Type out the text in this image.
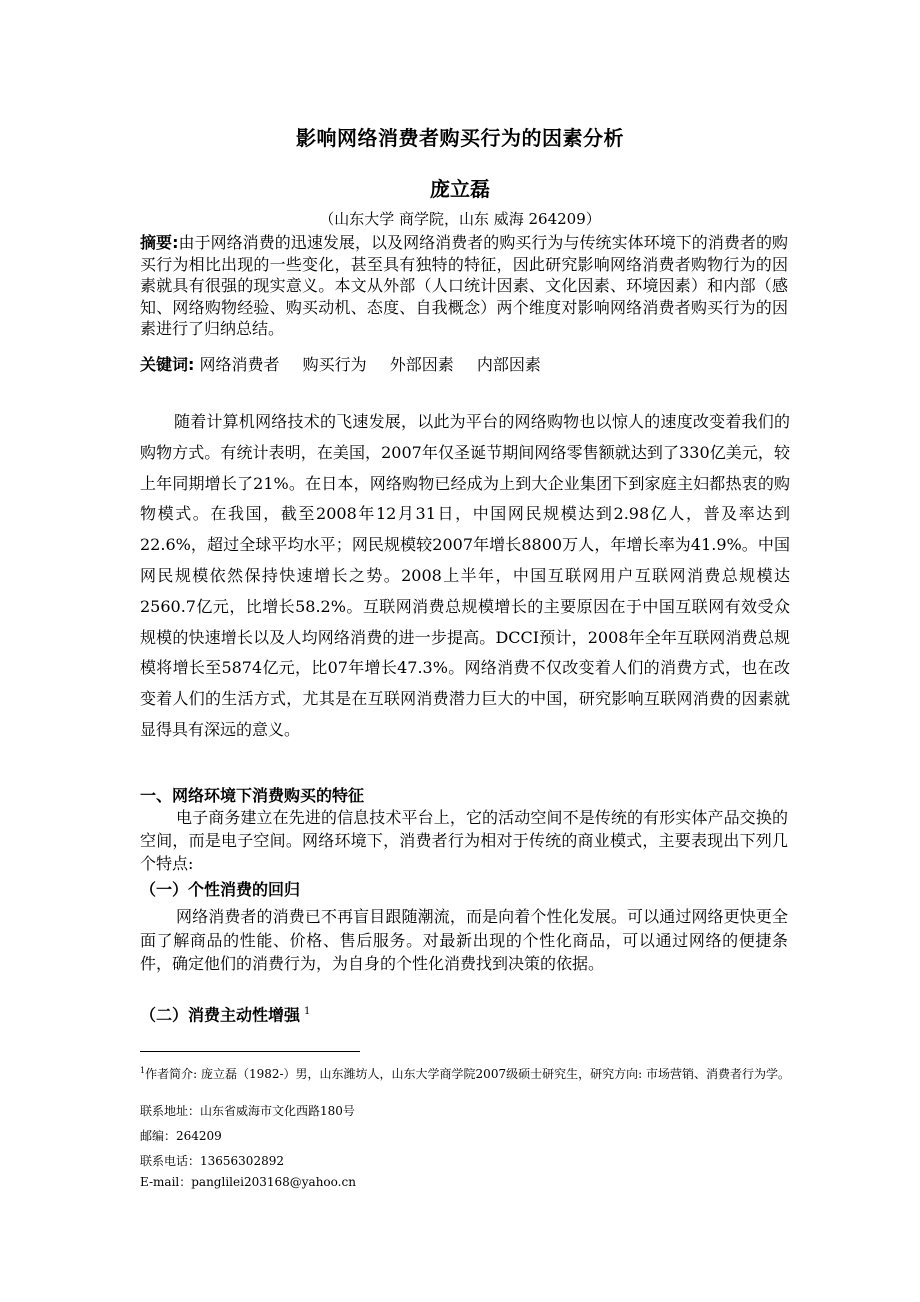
影响网络消费者购买行为的因素分析
庞立磊
（山东大学 商学院，山东 威海 264209）
摘要:由于网络消费的迅速发展，以及网络消费者的购买行为与传统实体环境下的消费者的购买行为相比出现的一些变化，甚至具有独特的特征，因此研究影响网络消费者购物行为的因素就具有很强的现实意义。本文从外部（人口统计因素、文化因素、环境因素）和内部（感知、网络购物经验、购买动机、态度、自我概念）两个维度对影响网络消费者购买行为的因素进行了归纳总结。
关键词: 网络消费者 购买行为 外部因素 内部因素
随着计算机网络技术的飞速发展，以此为平台的网络购物也以惊人的速度改变着我们的购物方式。有统计表明，在美国，2007年仅圣诞节期间网络零售额就达到了330亿美元，较上年同期增长了21%。在日本，网络购物已经成为上到大企业集团下到家庭主妇都热衷的购物模式。在我国，截至2008年12月31日，中国网民规模达到2.98亿人，普及率达到22.6%，超过全球平均水平；网民规模较2007年增长8800万人，年增长率为41.9%。中国网民规模依然保持快速增长之势。2008上半年，中国互联网用户互联网消费总规模达2560.7亿元，比增长58.2%。互联网消费总规模增长的主要原因在于中国互联网有效受众规模的快速增长以及人均网络消费的进一步提高。DCCI预计，2008年全年互联网消费总规模将增长至5874亿元，比07年增长47.3%。网络消费不仅改变着人们的消费方式，也在改变着人们的生活方式，尤其是在互联网消费潜力巨大的中国，研究影响互联网消费的因素就显得具有深远的意义。
一、网络环境下消费购买的特征
电子商务建立在先进的信息技术平台上，它的活动空间不是传统的有形实体产品交换的空间，而是电子空间。网络环境下，消费者行为相对于传统的商业模式，主要表现出下列几个特点:
（一）个性消费的回归
网络消费者的消费已不再盲目跟随潮流，而是向着个性化发展。可以通过网络更快更全面了解商品的性能、价格、售后服务。对最新出现的个性化商品，可以通过网络的便捷条件，确定他们的消费行为，为自身的个性化消费找到决策的依据。
（二）消费主动性增强 $^1$
$^1$作者简介: 庞立磊（1982-）男，山东潍坊人，山东大学商学院2007级硕士研究生，研究方向: 市场营销、消费者行为学。
联系地址：山东省威海市文化西路180号
邮编：264209
联系电话：13656302892
E-mail：panglilei203168@yahoo.cn
